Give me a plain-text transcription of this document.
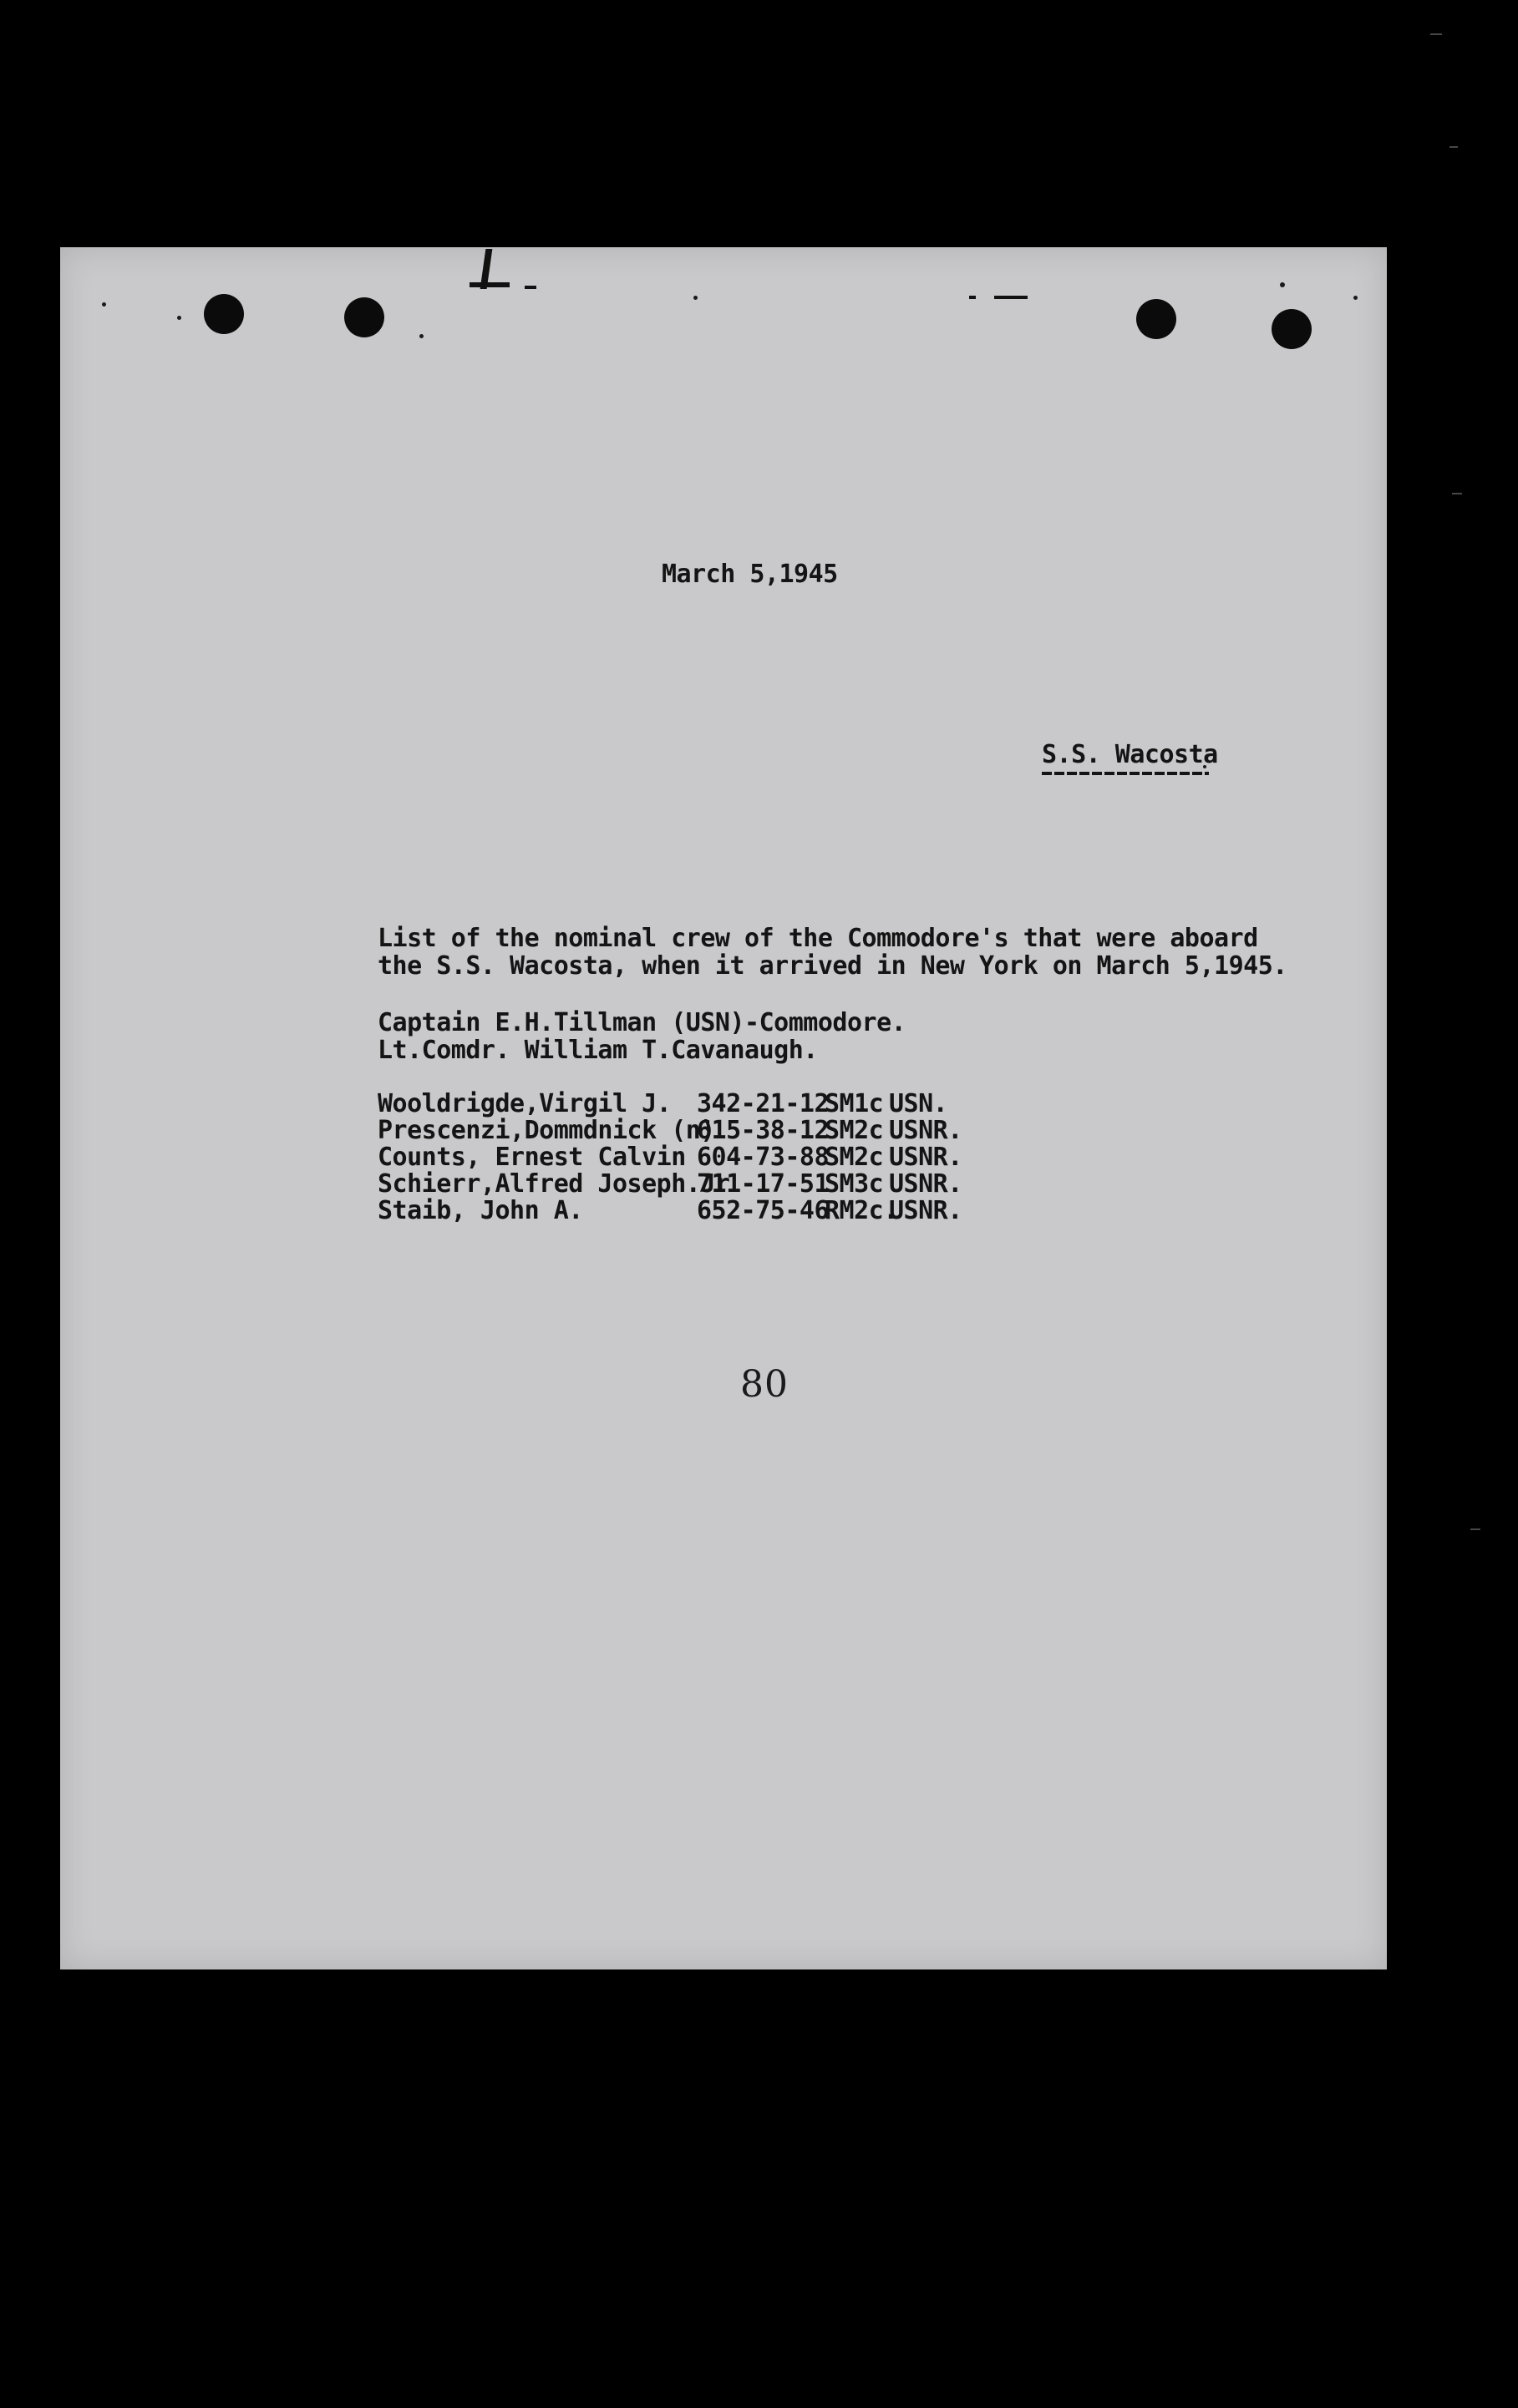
March 5,1945
S.S. Wacosta
List of the nominal crew of the Commodore's that were aboard
the S.S. Wacosta, when it arrived in New York on March 5,1945.
Captain E.H.Tillman (USN)-Commodore.
Lt.Comdr. William T.Cavanaugh.

Wooldrigde,Virgil J.

342-21-12

SM1c

USN.

Prescenzi,Dommdnick (n)

615-38-12

SM2c

USNR.

Counts, Ernest Calvin

604-73-88

SM2c

USNR.

Schierr,Alfred Joseph.Jr

711-17-51

SM3c

USNR.

Staib, John A.

	652-75-46

RM2c.

USNR.

80
